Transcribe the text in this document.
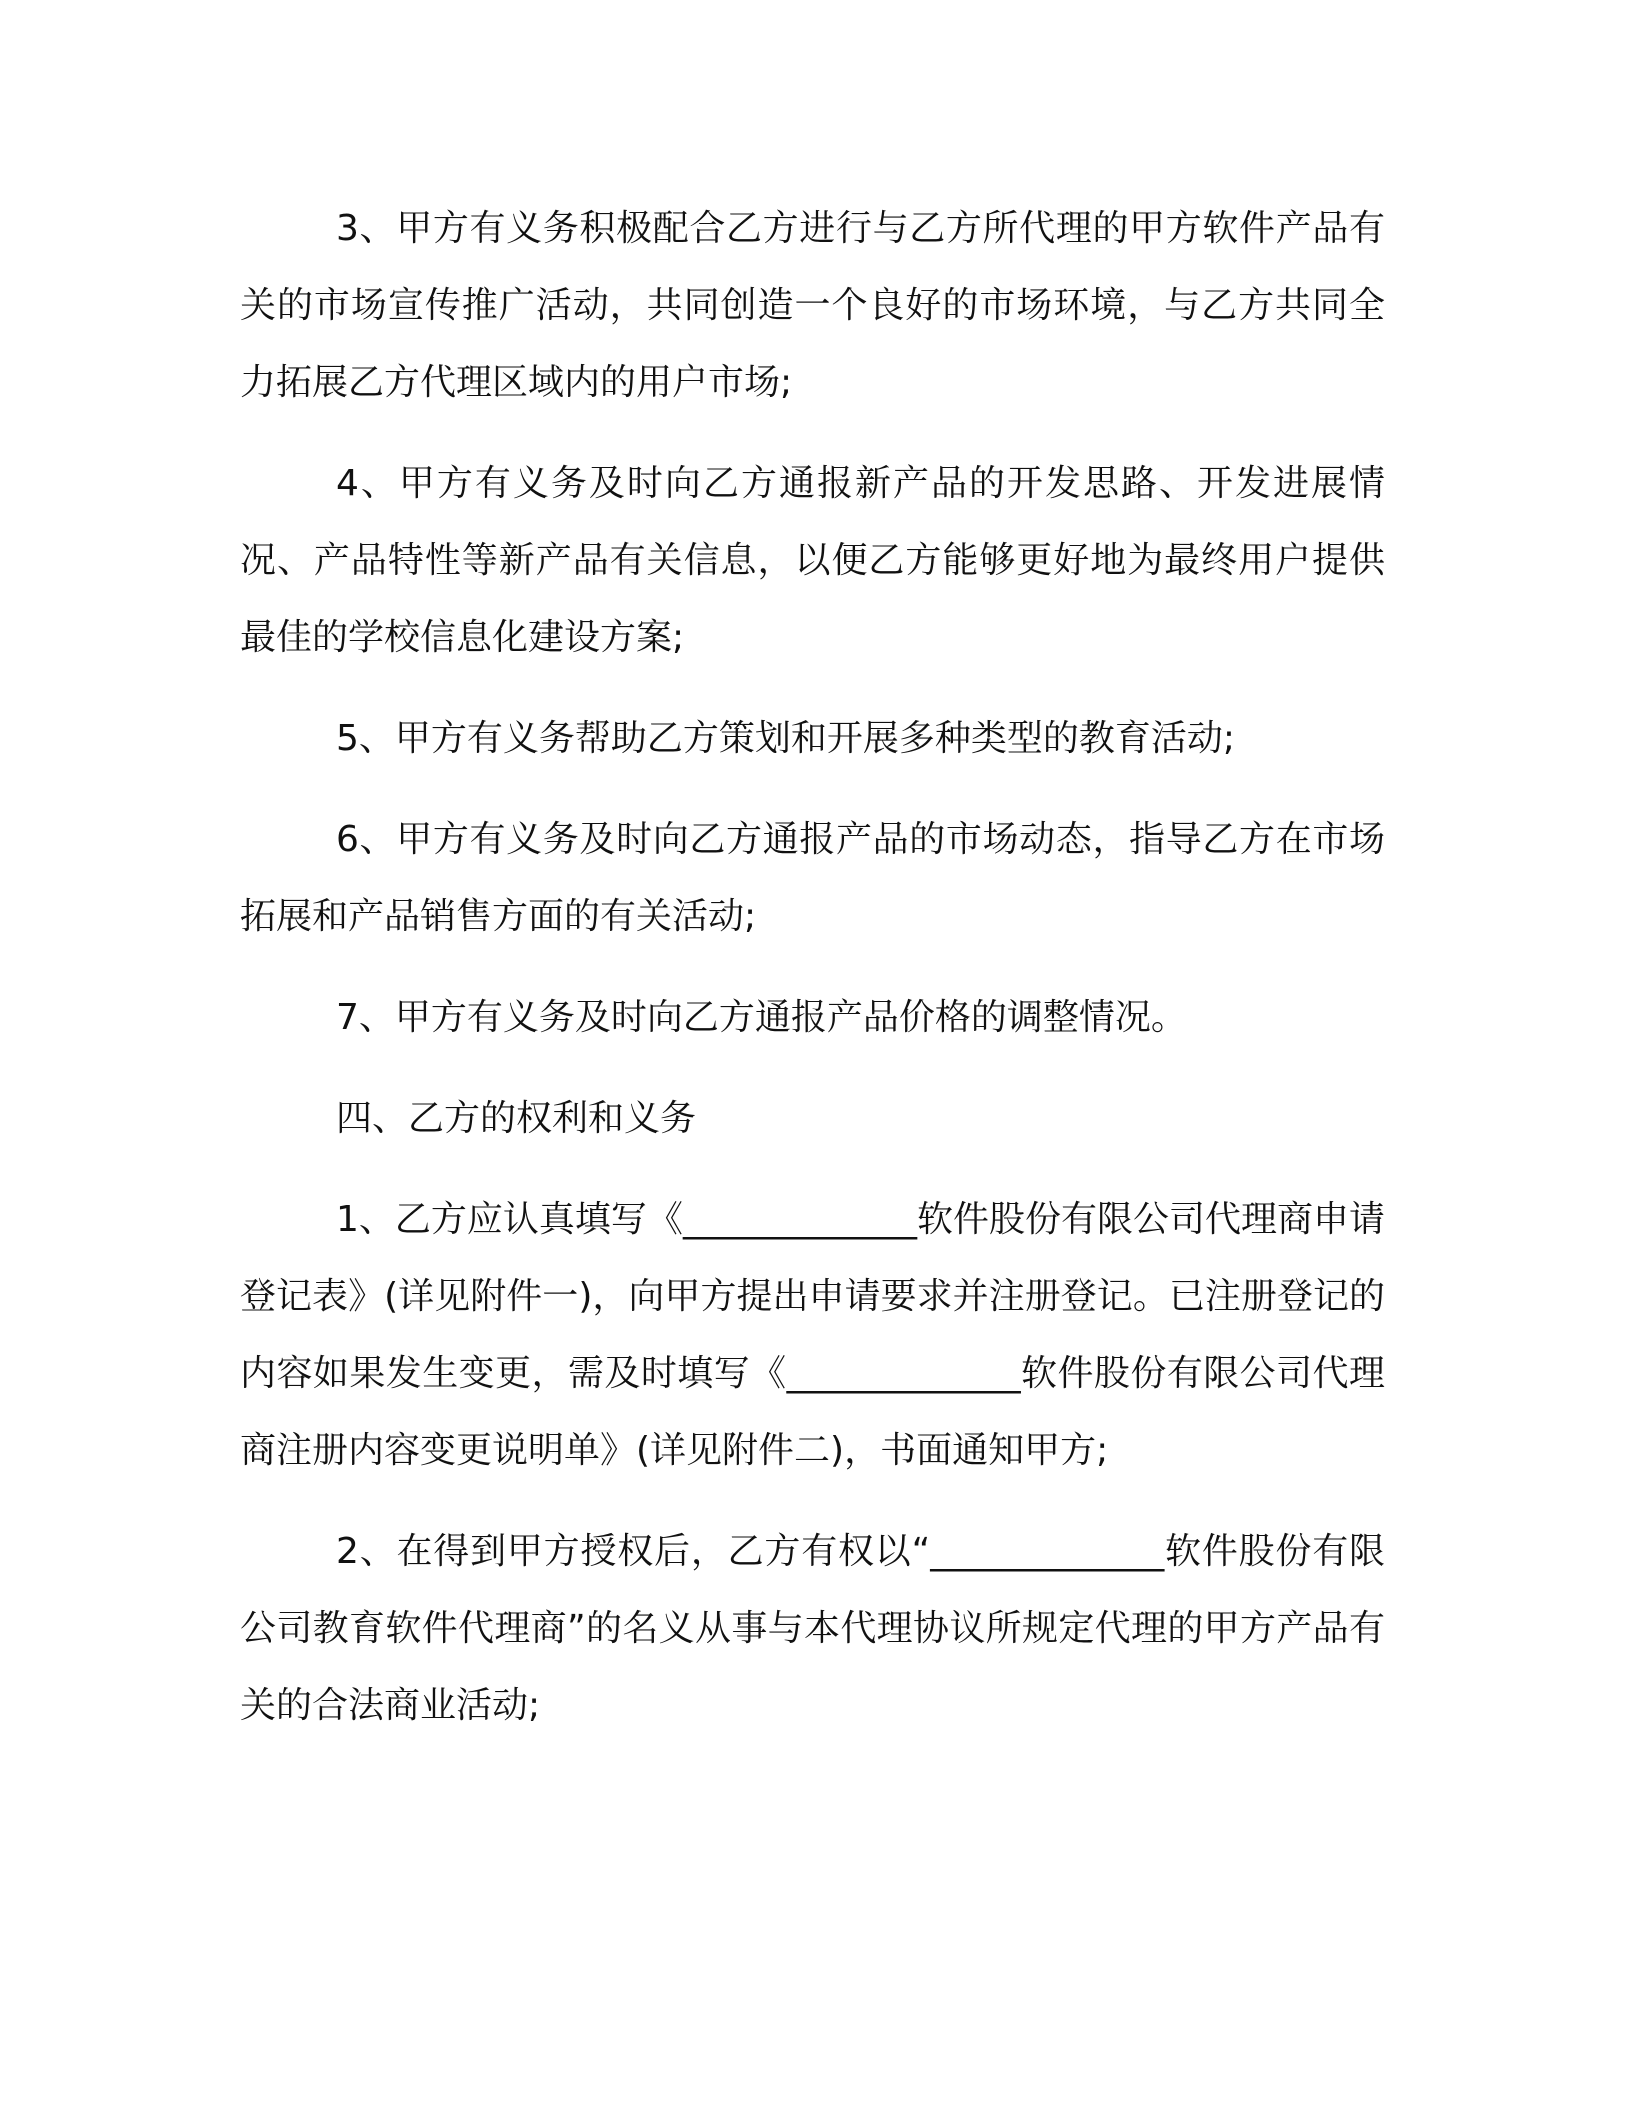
3、甲方有义务积极配合乙方进行与乙方所代理的甲方软件产品有关的市场宣传推广活动，共同创造一个良好的市场环境，与乙方共同全力拓展乙方代理区域内的用户市场;

4、甲方有义务及时向乙方通报新产品的开发思路、开发进展情况、产品特性等新产品有关信息，以便乙方能够更好地为最终用户提供最佳的学校信息化建设方案;

5、甲方有义务帮助乙方策划和开展多种类型的教育活动;

6、甲方有义务及时向乙方通报产品的市场动态，指导乙方在市场拓展和产品销售方面的有关活动;

7、甲方有义务及时向乙方通报产品价格的调整情况。

四、乙方的权利和义务

1、乙方应认真填写《_____________软件股份有限公司代理商申请登记表》(详见附件一)，向甲方提出申请要求并注册登记。已注册登记的内容如果发生变更，需及时填写《_____________软件股份有限公司代理商注册内容变更说明单》(详见附件二)，书面通知甲方;

2、在得到甲方授权后，乙方有权以“_____________软件股份有限公司教育软件代理商”的名义从事与本代理协议所规定代理的甲方产品有关的合法商业活动;
